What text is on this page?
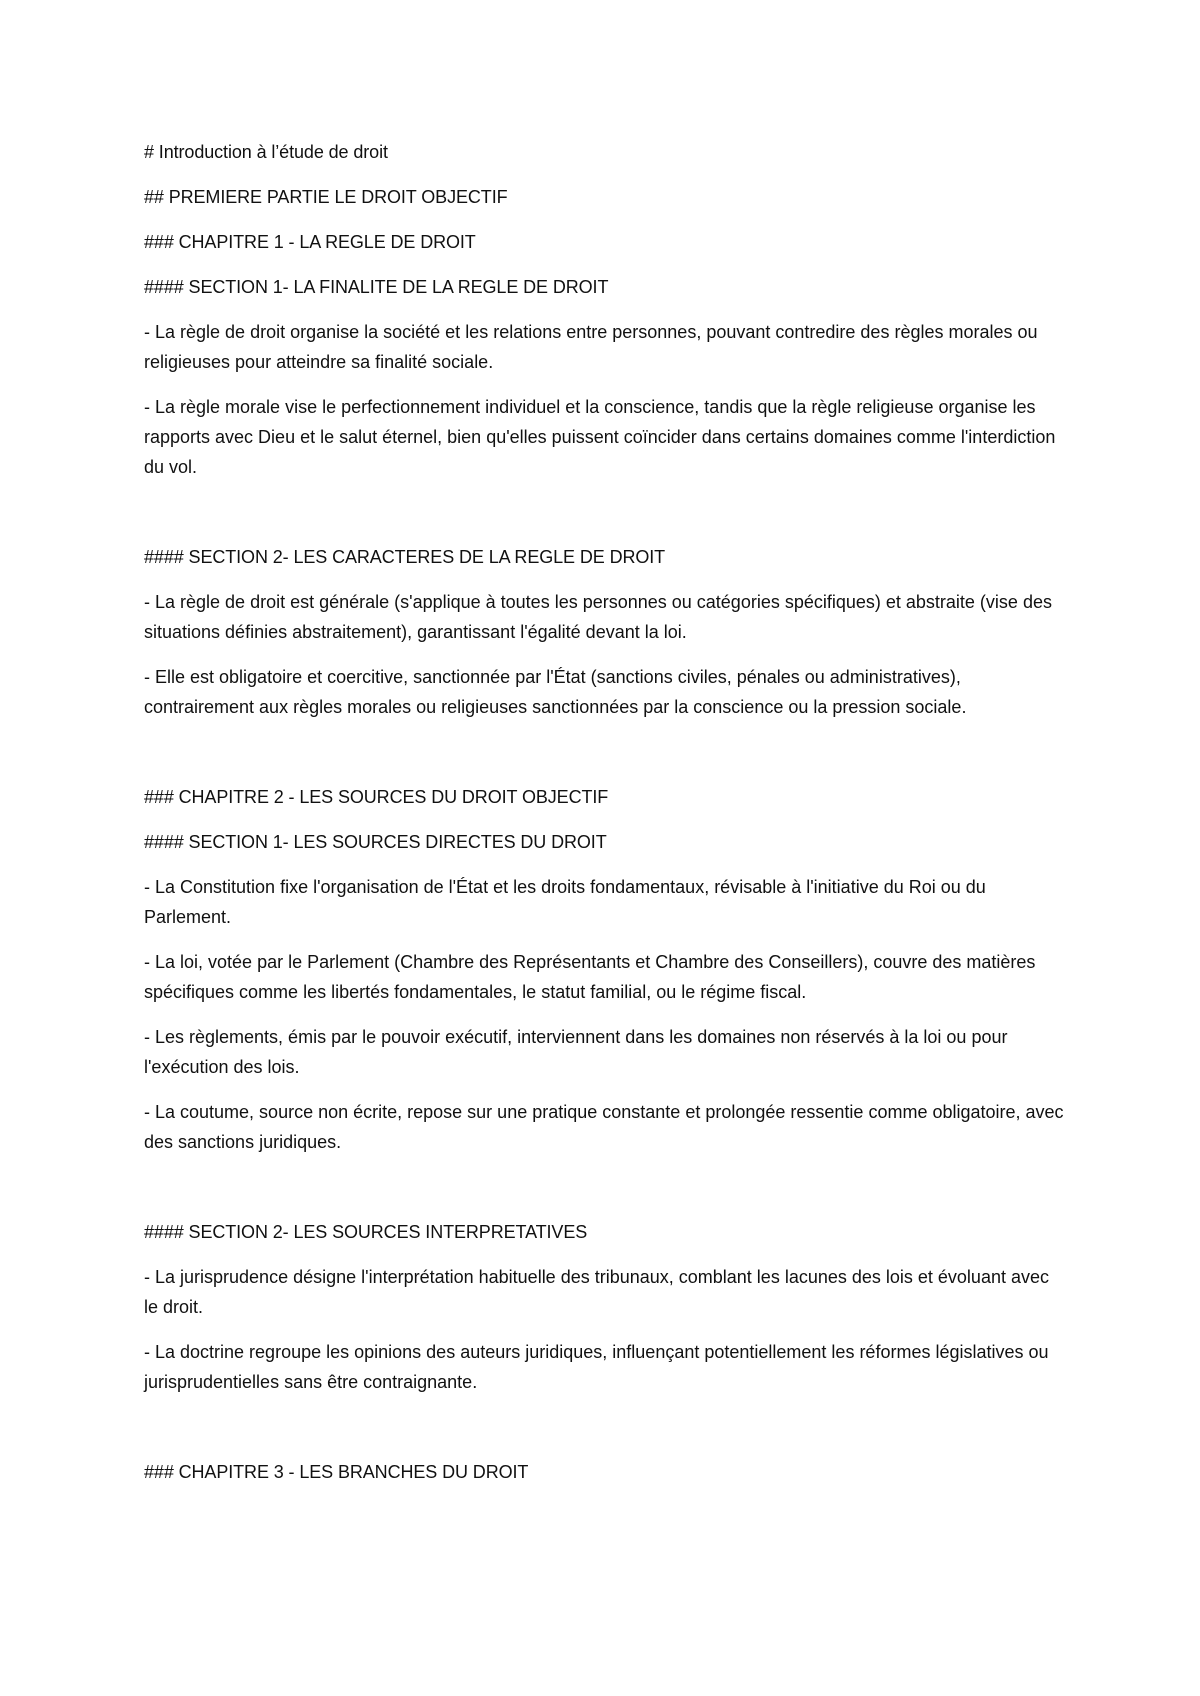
# Introduction à l’étude de droit

## PREMIERE PARTIE LE DROIT OBJECTIF

### CHAPITRE 1 - LA REGLE DE DROIT

#### SECTION 1- LA FINALITE DE LA REGLE DE DROIT

- La règle de droit organise la société et les relations entre personnes, pouvant contredire des règles morales ou religieuses pour atteindre sa finalité sociale.

- La règle morale vise le perfectionnement individuel et la conscience, tandis que la règle religieuse organise les rapports avec Dieu et le salut éternel, bien qu'elles puissent coïncider dans certains domaines comme l'interdiction du vol.

#### SECTION 2- LES CARACTERES DE LA REGLE DE DROIT

- La règle de droit est générale (s'applique à toutes les personnes ou catégories spécifiques) et abstraite (vise des situations définies abstraitement), garantissant l'égalité devant la loi.

- Elle est obligatoire et coercitive, sanctionnée par l'État (sanctions civiles, pénales ou administratives), contrairement aux règles morales ou religieuses sanctionnées par la conscience ou la pression sociale.

### CHAPITRE 2 - LES SOURCES DU DROIT OBJECTIF

#### SECTION 1- LES SOURCES DIRECTES DU DROIT

- La Constitution fixe l'organisation de l'État et les droits fondamentaux, révisable à l'initiative du Roi ou du Parlement.

- La loi, votée par le Parlement (Chambre des Représentants et Chambre des Conseillers), couvre des matières spécifiques comme les libertés fondamentales, le statut familial, ou le régime fiscal.

- Les règlements, émis par le pouvoir exécutif, interviennent dans les domaines non réservés à la loi ou pour l'exécution des lois.

- La coutume, source non écrite, repose sur une pratique constante et prolongée ressentie comme obligatoire, avec des sanctions juridiques.

#### SECTION 2- LES SOURCES INTERPRETATIVES

- La jurisprudence désigne l'interprétation habituelle des tribunaux, comblant les lacunes des lois et évoluant avec le droit.

- La doctrine regroupe les opinions des auteurs juridiques, influençant potentiellement les réformes législatives ou jurisprudentielles sans être contraignante.

### CHAPITRE 3 - LES BRANCHES DU DROIT
